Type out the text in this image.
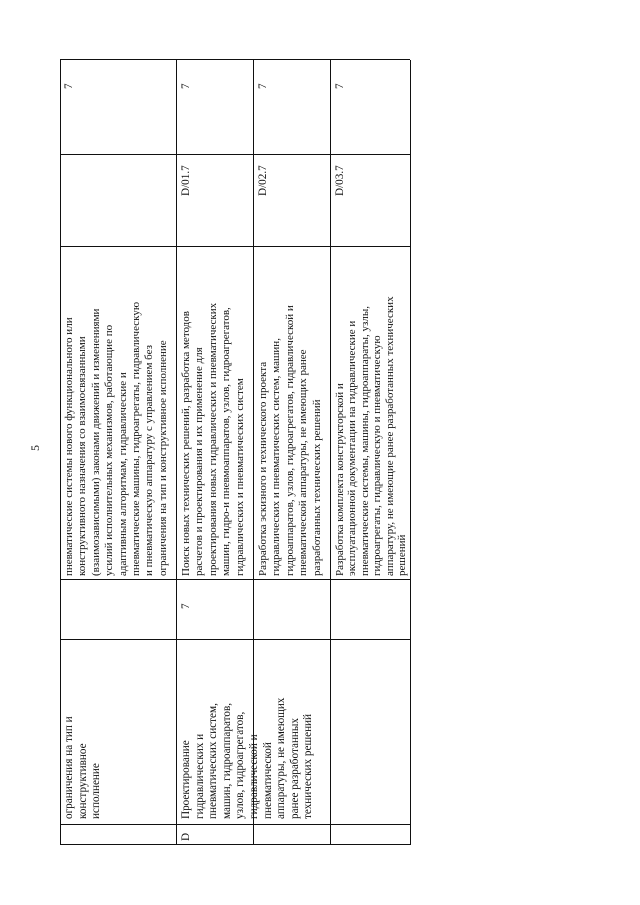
5
ограничения на тип и
конструктивное
исполнение
пневматические системы нового функционального или
конструктивного назначения со взаимосвязанными
(взаимозависимыми) законами движений и изменениями
усилий исполнительных механизмов, работающие по
адаптивным алгоритмам, гидравлические и
пневматические машины, гидроагрегаты, гидравлическую
и пневматическую аппаратуру с управлением без
ограничения на тип и конструктивное исполнение
7
D
Проектирование
гидравлических и
пневматических систем,
машин, гидроаппаратов,
узлов, гидроагрегатов,
гидравлической и
пневматической
аппаратуры, не имеющих
ранее разработанных
технических решений
7
Поиск новых технических решений, разработка методов
расчетов и проектирования и их применение для
проектирования новых гидравлических и пневматических
машин, гидро-и пневмоаппаратов, узлов, гидроагрегатов,
гидравлических и пневматических систем
D/01.7
7
Разработка эскизного и технического проекта
гидравлических и пневматических систем, машин,
гидроаппаратов, узлов, гидроагрегатов, гидравлической и
пневматической аппаратуры, не имеющих ранее
разработанных технических решений
D/02.7
7
Разработка комплекта конструкторской и
эксплуатационной документации на гидравлические и
пневматические системы, машины, гидроаппараты, узлы,
гидроагрегаты, гидравлическую и пневматическую
аппаратуру, не имеющие ранее разработанных технических
решений
D/03.7
7
